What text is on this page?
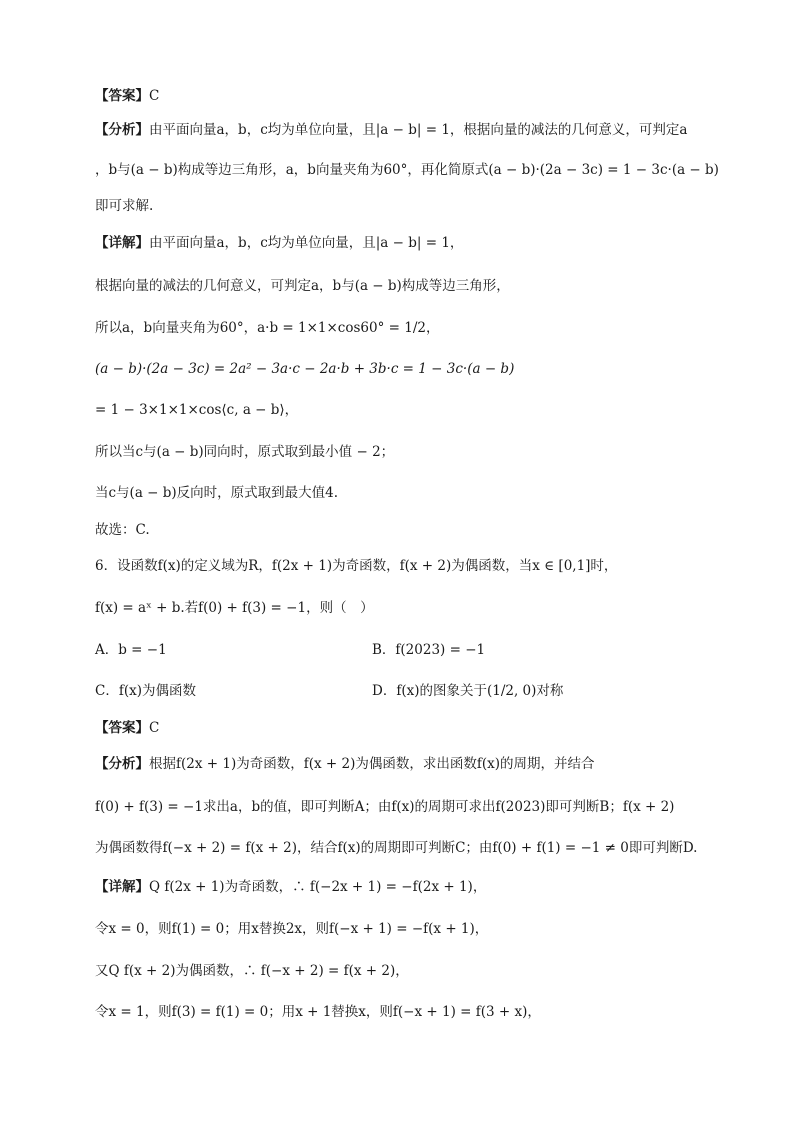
【答案】C
【分析】由平面向量a，b，c均为单位向量，且|a − b| = 1，根据向量的减法的几何意义，可判定a
，b与(a − b)构成等边三角形，a，b向量夹角为60°，再化简原式(a − b)·(2a − 3c) = 1 − 3c·(a − b)
即可求解.
【详解】由平面向量a，b，c均为单位向量，且|a − b| = 1，
根据向量的减法的几何意义，可判定a，b与(a − b)构成等边三角形，
所以a，b向量夹角为60°，a·b = 1×1×cos60° = 1/2，
(a − b)·(2a − 3c) = 2a² − 3a·c − 2a·b + 3b·c = 1 − 3c·(a − b)
= 1 − 3×1×1×cos⟨c, a − b⟩，
所以当c与(a − b)同向时，原式取到最小值 − 2；
当c与(a − b)反向时，原式取到最大值4.
故选：C.
6．设函数f(x)的定义域为R，f(2x + 1)为奇函数，f(x + 2)为偶函数，当x ∈ [0,1]时，
f(x) = aˣ + b.若f(0) + f(3) = −1，则（　）
A．b = −1	B．f(2023) = −1
C．f(x)为偶函数	D．f(x)的图象关于(1/2, 0)对称
【答案】C
【分析】根据f(2x + 1)为奇函数，f(x + 2)为偶函数，求出函数f(x)的周期，并结合
f(0) + f(3) = −1求出a，b的值，即可判断A；由f(x)的周期可求出f(2023)即可判断B；f(x + 2)
为偶函数得f(−x + 2) = f(x + 2)，结合f(x)的周期即可判断C；由f(0) + f(1) = −1 ≠ 0即可判断D.
【详解】Q f(2x + 1)为奇函数，∴ f(−2x + 1) = −f(2x + 1)，
令x = 0，则f(1) = 0；用x替换2x，则f(−x + 1) = −f(x + 1)，
又Q f(x + 2)为偶函数，∴ f(−x + 2) = f(x + 2)，
令x = 1，则f(3) = f(1) = 0；用x + 1替换x，则f(−x + 1) = f(3 + x)，
